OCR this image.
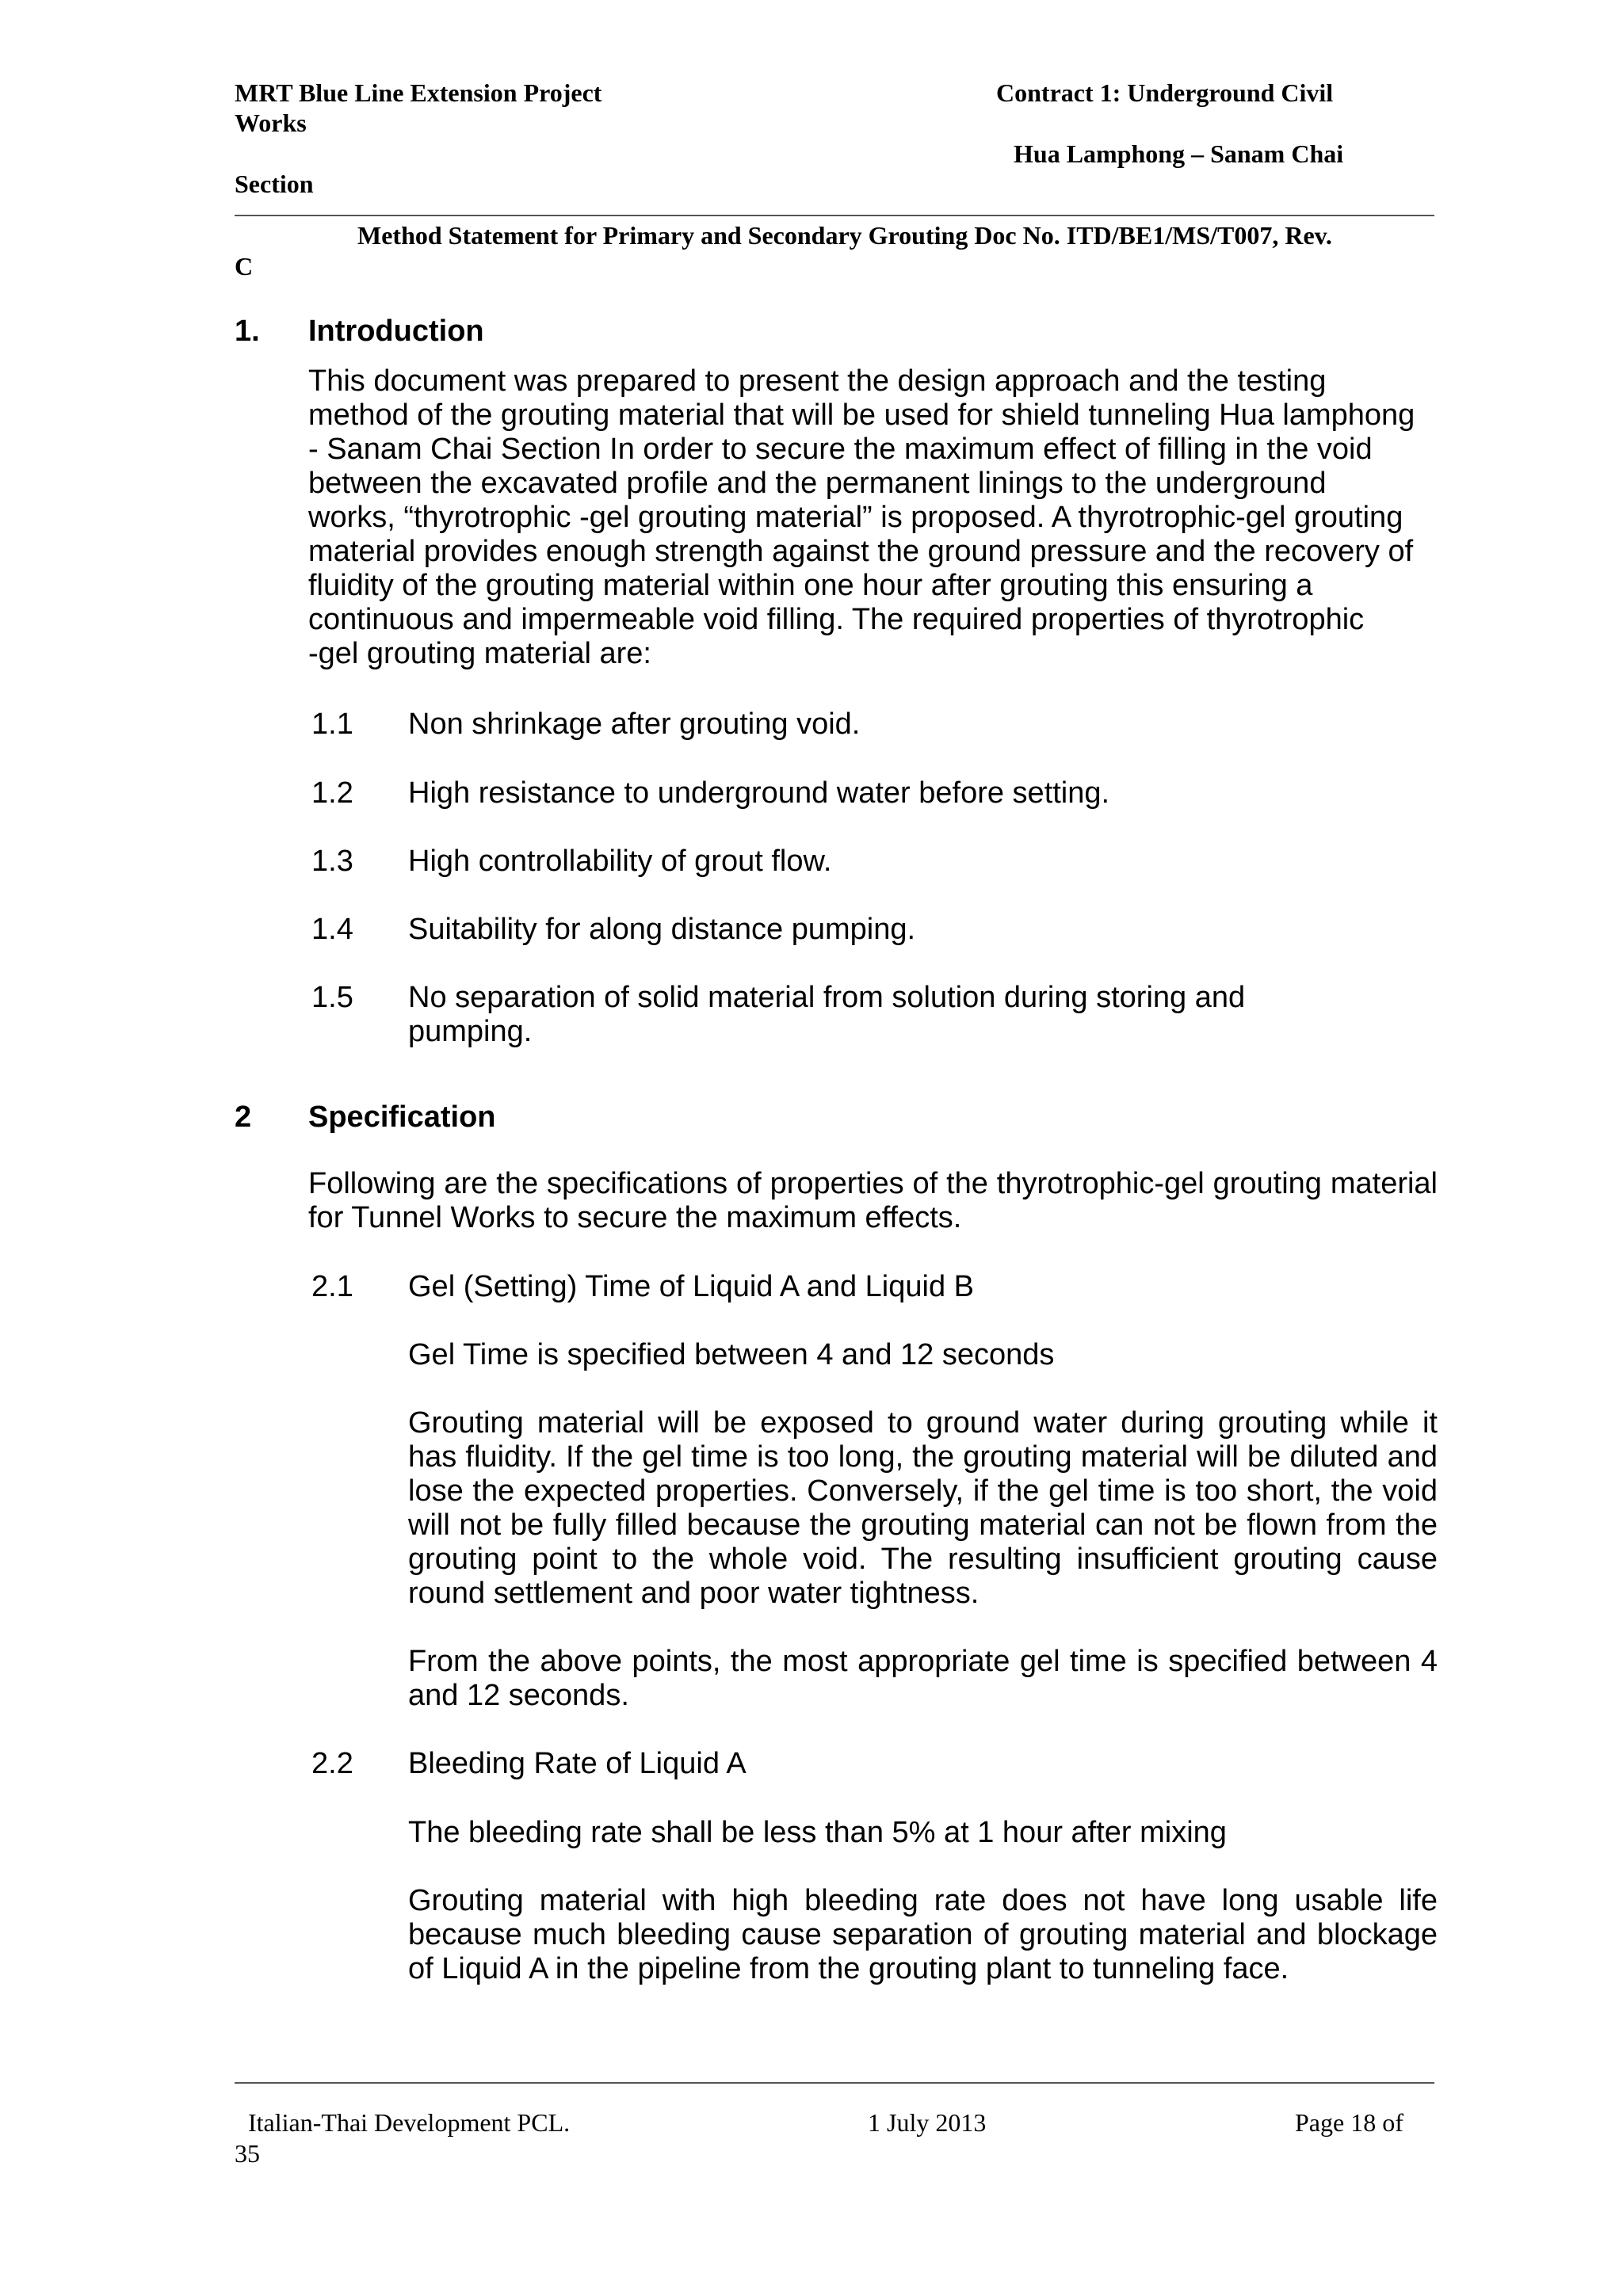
MRT Blue Line Extension Project	Contract 1: Underground Civil
Works
Hua Lamphong – Sanam Chai
Section
Method Statement for Primary and Secondary Grouting Doc No. ITD/BE1/MS/T007, Rev.
C
1. Introduction
This document was prepared to present the design approach and the testing
method of the grouting material that will be used for shield tunneling Hua lamphong
- Sanam Chai Section In order to secure the maximum effect of filling in the void
between the excavated profile and the permanent linings to the underground
works, “thyrotrophic -gel grouting material” is proposed. A thyrotrophic-gel grouting
material provides enough strength against the ground pressure and the recovery of
fluidity of the grouting material within one hour after grouting this ensuring a
continuous and impermeable void filling. The required properties of thyrotrophic
-gel grouting material are:
1.1 Non shrinkage after grouting void.
1.2 High resistance to underground water before setting.
1.3 High controllability of grout flow.
1.4 Suitability for along distance pumping.
1.5 No separation of solid material from solution during storing and
pumping.
2 Specification
Following are the specifications of properties of the thyrotrophic-gel grouting material for Tunnel Works to secure the maximum effects.
2.1 Gel (Setting) Time of Liquid A and Liquid B
Gel Time is specified between 4 and 12 seconds
Grouting material will be exposed to ground water during grouting while it has fluidity. If the gel time is too long, the grouting material will be diluted and lose the expected properties. Conversely, if the gel time is too short, the void will not be fully filled because the grouting material can not be flown from the grouting point to the whole void. The resulting insufficient grouting cause round settlement and poor water tightness.
From the above points, the most appropriate gel time is specified between 4 and 12 seconds.
2.2 Bleeding Rate of Liquid A
The bleeding rate shall be less than 5% at 1 hour after mixing
Grouting material with high bleeding rate does not have long usable life because much bleeding cause separation of grouting material and blockage of Liquid A in the pipeline from the grouting plant to tunneling face.
Italian-Thai Development PCL.	1 July 2013	Page 18 of
35
